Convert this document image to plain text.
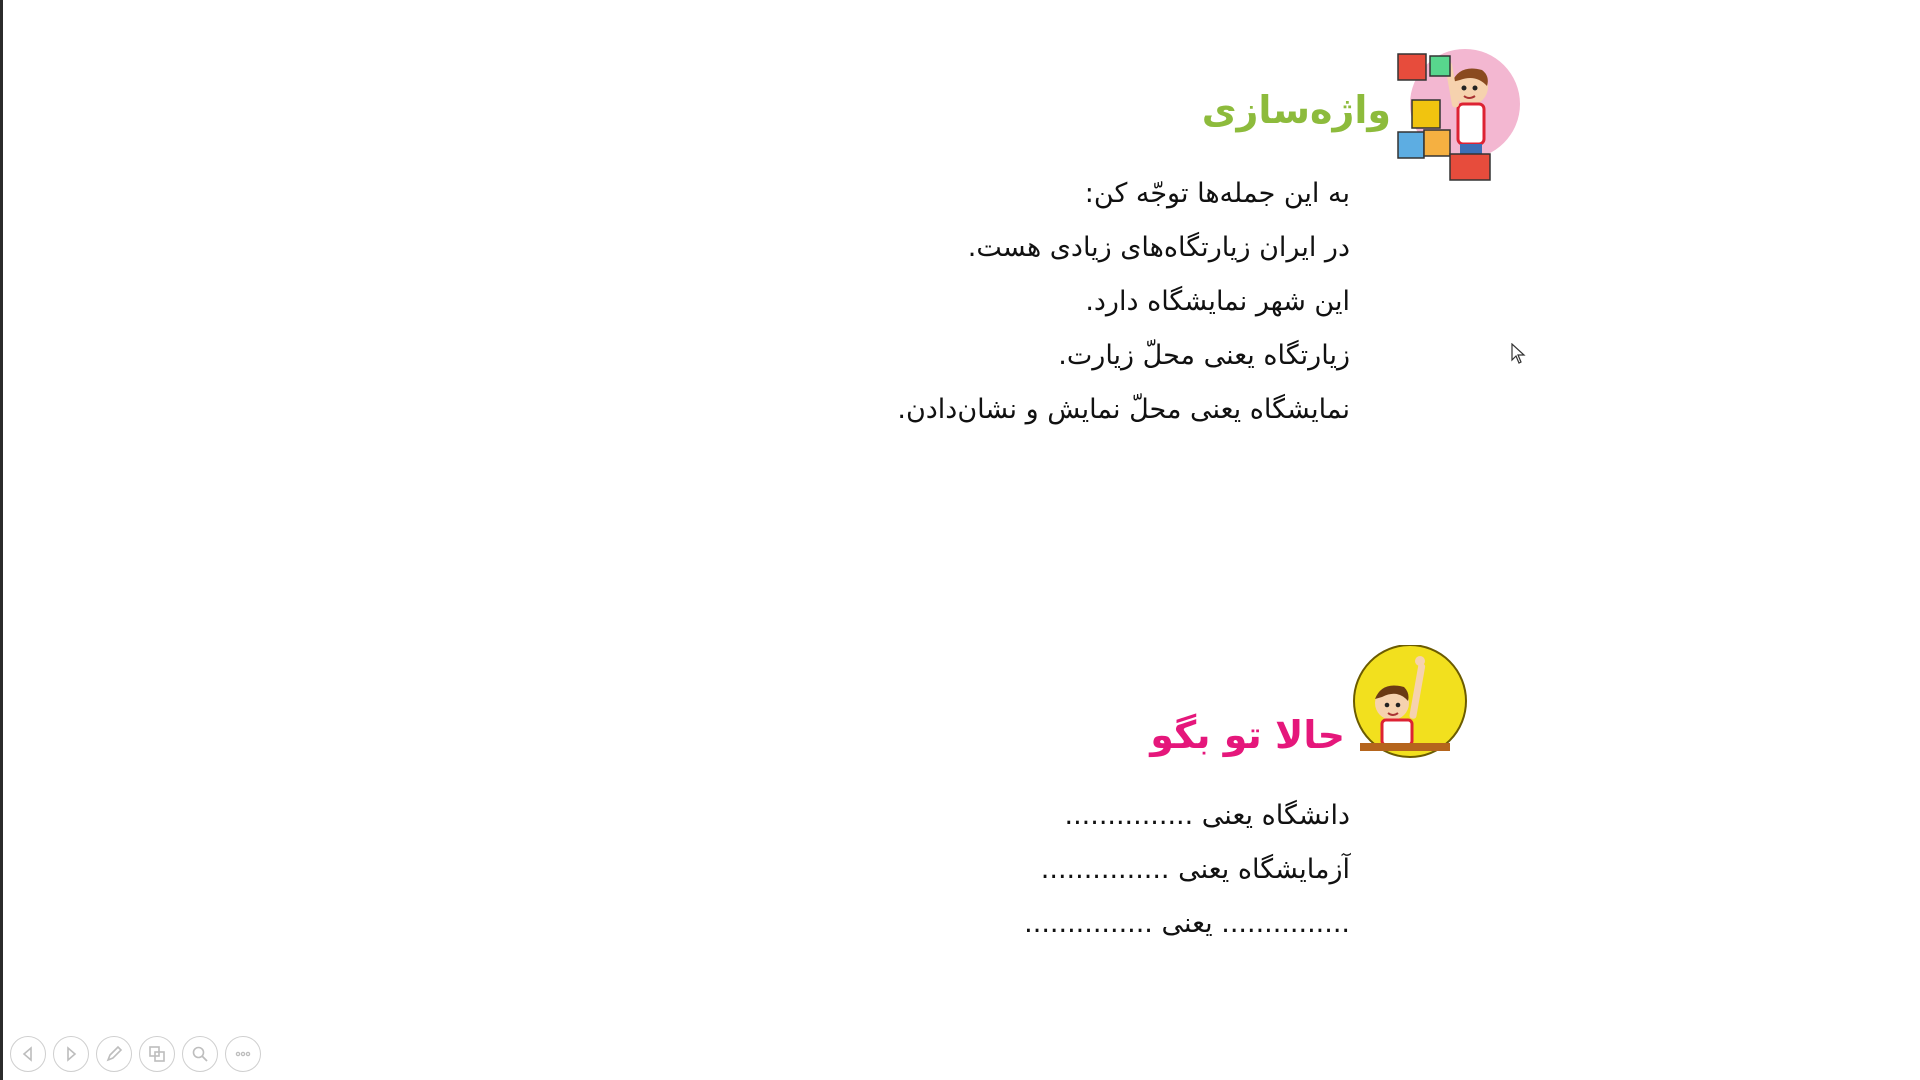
واژه‌سازی
به این جمله‌ها توجّه کن:
در ایران زیارتگاه‌های زیادی هست.
این شهر نمایشگاه دارد.
زیارتگاه یعنی محلّ زیارت.
نمایشگاه یعنی محلّ نمایش و نشان‌دادن.
حالا تو بگو
دانشگاه یعنی ...............
آزمایشگاه یعنی ...............
............... یعنی ...............
